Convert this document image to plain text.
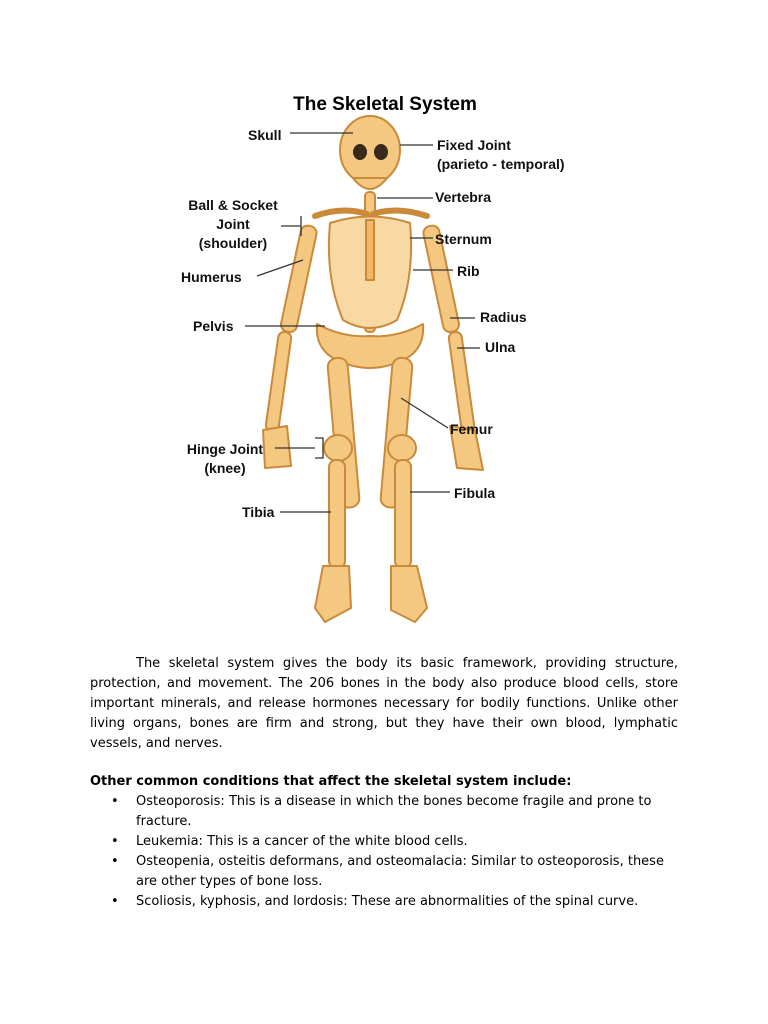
The Skeletal System
Skull
Fixed Joint
(parieto - temporal)
Vertebra
Ball & Socket
Joint
(shoulder)	Sternum
Humerus	Rib
Pelvis
Radius
Ulna
Femur
Hinge Joint
(knee)
Fibula
Tibia

The skeletal system gives the body its basic framework, providing structure, protection, and movement. The 206 bones in the body also produce blood cells, store important minerals, and release hormones necessary for bodily functions. Unlike other living organs, bones are firm and strong, but they have their own blood, lymphatic vessels, and nerves.

Other common conditions that affect the skeletal system include:

• Osteoporosis: This is a disease in which the bones become fragile and prone to fracture.
• Leukemia: This is a cancer of the white blood cells.
• Osteopenia, osteitis deformans, and osteomalacia: Similar to osteoporosis, these are other types of bone loss.
• Scoliosis, kyphosis, and lordosis: These are abnormalities of the spinal curve.
